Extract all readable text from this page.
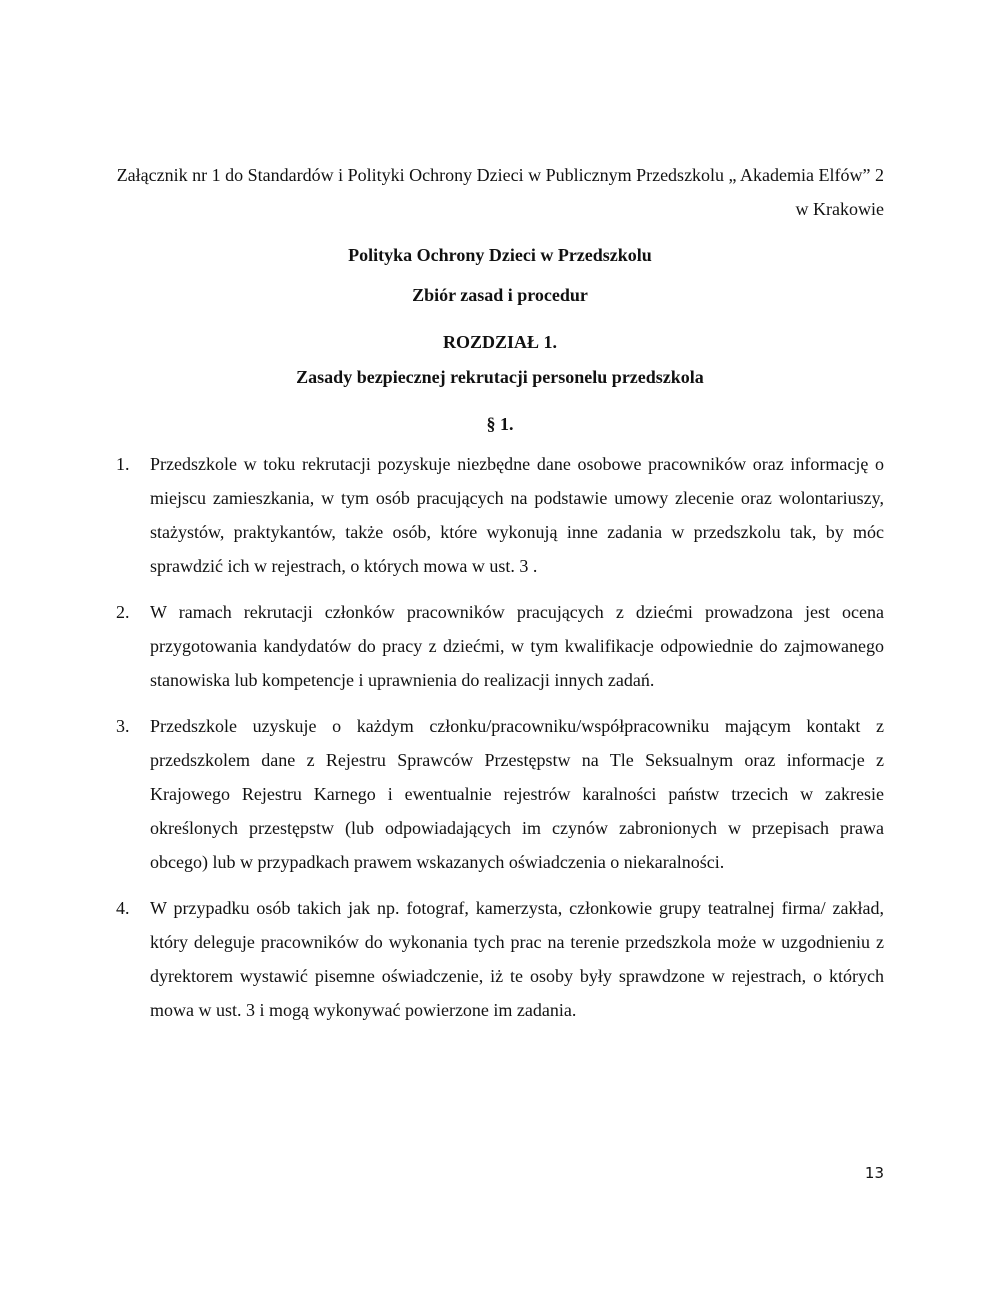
Załącznik nr 1 do Standardów i Polityki Ochrony Dzieci w Publicznym Przedszkolu „ Akademia Elfów” 2 w Krakowie
Polityka Ochrony Dzieci w Przedszkolu
Zbiór zasad i procedur
ROZDZIAŁ 1.
Zasady bezpiecznej rekrutacji personelu przedszkola
§ 1.
1. Przedszkole w toku rekrutacji pozyskuje niezbędne dane osobowe pracowników oraz informację o miejscu zamieszkania, w tym osób pracujących na podstawie umowy zlecenie oraz wolontariuszy, stażystów, praktykantów, także osób, które wykonują inne zadania w przedszkolu tak, by móc sprawdzić ich w rejestrach, o których mowa w ust. 3 .
2. W ramach rekrutacji członków pracowników pracujących z dziećmi prowadzona jest ocena przygotowania kandydatów do pracy z dziećmi, w tym kwalifikacje odpowiednie do zajmowanego stanowiska lub kompetencje i uprawnienia do realizacji innych zadań.
3. Przedszkole uzyskuje o każdym członku/pracowniku/współpracowniku mającym kontakt z przedszkolem dane z Rejestru Sprawców Przestępstw na Tle Seksualnym oraz informacje z Krajowego Rejestru Karnego i ewentualnie rejestrów karalności państw trzecich w zakresie określonych przestępstw (lub odpowiadających im czynów zabronionych w przepisach prawa obcego) lub w przypadkach prawem wskazanych oświadczenia o niekaralności.
4. W przypadku osób takich jak np. fotograf, kamerzysta, członkowie grupy teatralnej firma/ zakład, który deleguje pracowników do wykonania tych prac na terenie przedszkola może w uzgodnieniu z dyrektorem wystawić pisemne oświadczenie, iż te osoby były sprawdzone w rejestrach, o których mowa w ust. 3 i mogą wykonywać powierzone im zadania.
13
